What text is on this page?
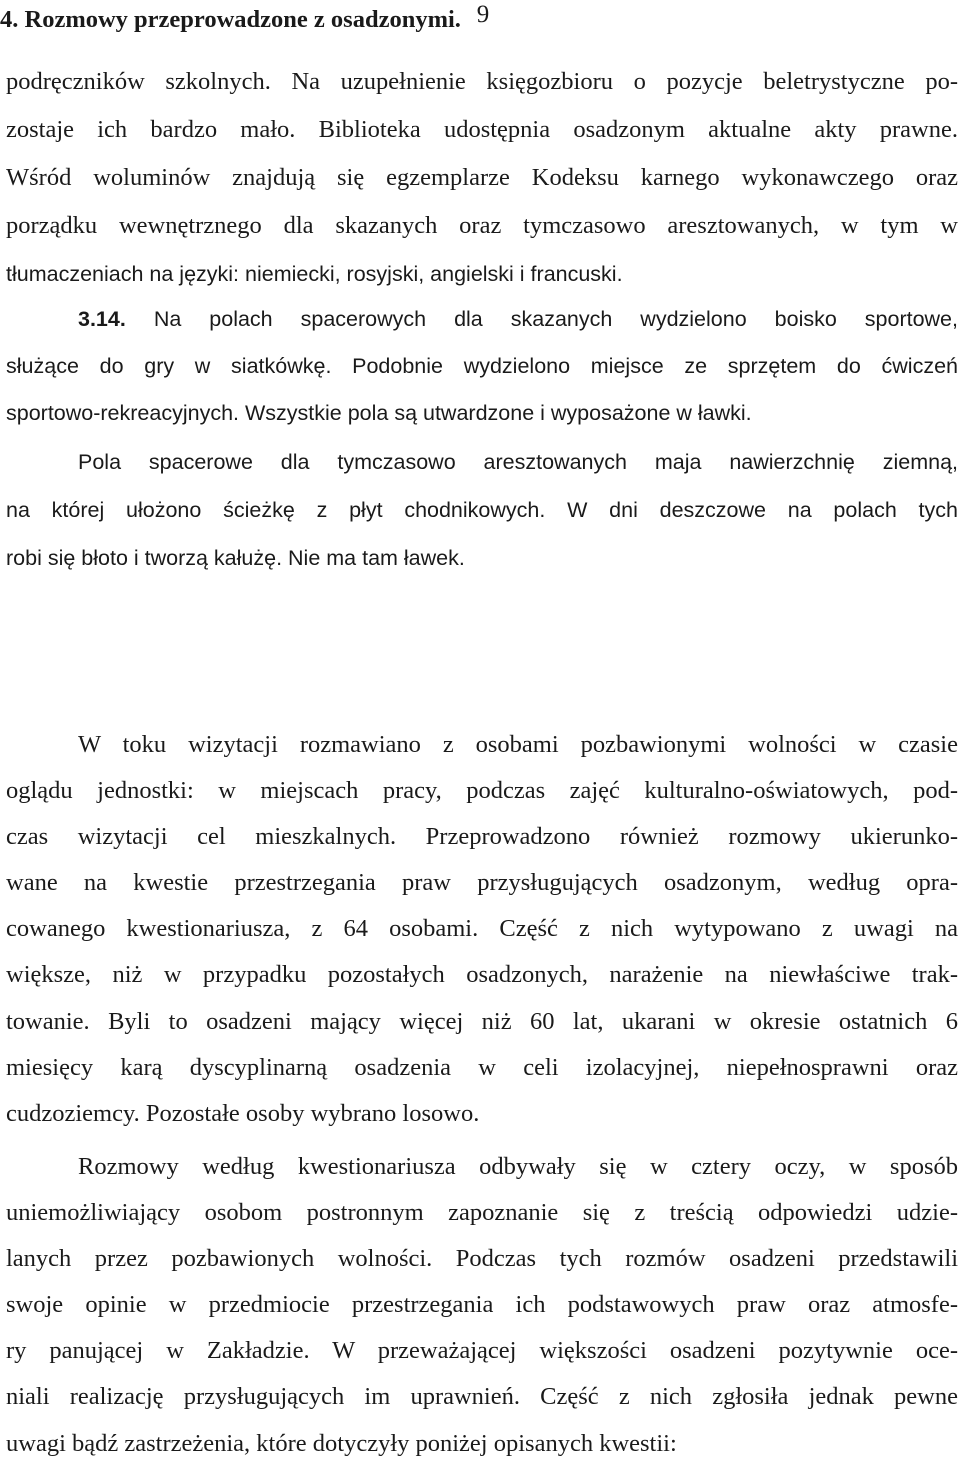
9
podręczników szkolnych. Na uzupełnienie księgozbioru o pozycje beletrystyczne po-
zostaje ich bardzo mało. Biblioteka udostępnia osadzonym aktualne akty prawne.
Wśród woluminów znajdują się egzemplarze Kodeksu karnego wykonawczego oraz
porządku wewnętrznego dla skazanych oraz tymczasowo aresztowanych, w tym w
tłumaczeniach na języki: niemiecki, rosyjski, angielski i francuski.
3.14. Na polach spacerowych dla skazanych wydzielono boisko sportowe,
służące do gry w siatkówkę. Podobnie wydzielono miejsce ze sprzętem do ćwiczeń
sportowo-rekreacyjnych. Wszystkie pola są utwardzone i wyposażone w ławki.
Pola spacerowe dla tymczasowo aresztowanych maja nawierzchnię ziemną,
na której ułożono ścieżkę z płyt chodnikowych. W dni deszczowe na polach tych
robi się błoto i tworzą kałużę. Nie ma tam ławek.
4. Rozmowy przeprowadzone z osadzonymi.
W toku wizytacji rozmawiano z osobami pozbawionymi wolności w czasie
oglądu jednostki: w miejscach pracy, podczas zajęć kulturalno-oświatowych, pod-
czas wizytacji cel mieszkalnych. Przeprowadzono również rozmowy ukierunko-
wane na kwestie przestrzegania praw przysługujących osadzonym, według opra-
cowanego kwestionariusza, z 64 osobami. Część z nich wytypowano z uwagi na
większe, niż w przypadku pozostałych osadzonych, narażenie na niewłaściwe trak-
towanie. Byli to osadzeni mający więcej niż 60 lat, ukarani w okresie ostatnich 6
miesięcy karą dyscyplinarną osadzenia w celi izolacyjnej, niepełnosprawni oraz
cudzoziemcy. Pozostałe osoby wybrano losowo.
Rozmowy według kwestionariusza odbywały się w cztery oczy, w sposób
uniemożliwiający osobom postronnym zapoznanie się z treścią odpowiedzi udzie-
lanych przez pozbawionych wolności. Podczas tych rozmów osadzeni przedstawili
swoje opinie w przedmiocie przestrzegania ich podstawowych praw oraz atmosfe-
ry panującej w Zakładzie. W przeważającej większości osadzeni pozytywnie oce-
niali realizację przysługujących im uprawnień. Część z nich zgłosiła jednak pewne
uwagi bądź zastrzeżenia, które dotyczyły poniżej opisanych kwestii:
